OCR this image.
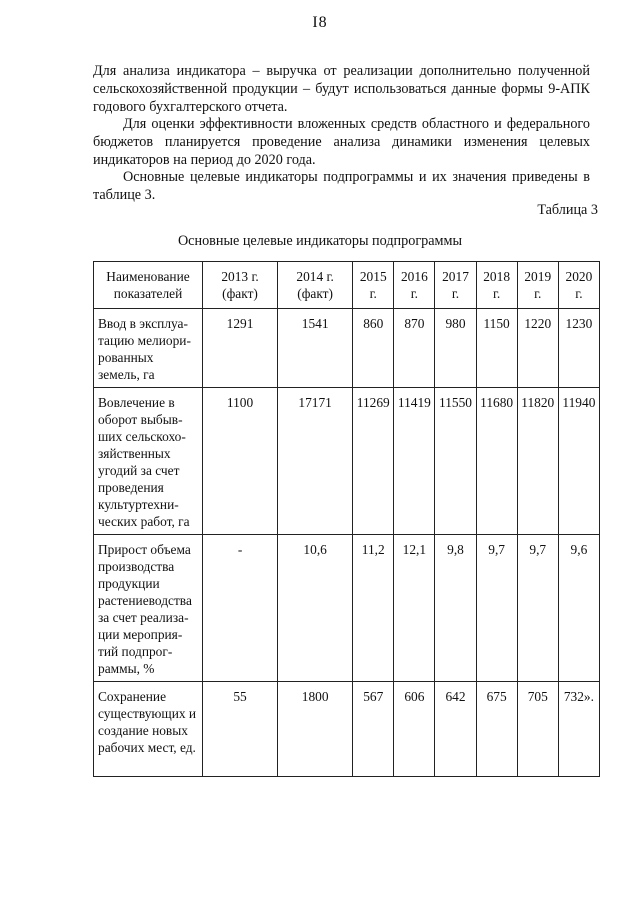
I8

Для анализа индикатора – выручка от реализации дополнительно полученной сельскохозяйственной продукции – будут использоваться данные формы 9-АПК годового бухгалтерского отчета.

Для оценки эффективности вложенных средств областного и федерального бюджетов планируется проведение анализа динамики изменения целевых индикаторов на период до 2020 года.

Основные целевые индикаторы подпрограммы и их значения приведены в таблице 3.

Таблица 3
Основные целевые индикаторы подпрограммы
Наименование показателей	2013 г. (факт)	2014 г. (факт)	2015 г.	2016 г.	2017 г.	2018 г.	2019 г.	2020 г.
Ввод в эксплуа-тацию мелиори-рованных земель, га	1291	1541	860	870	980	1150	1220	1230
Вовлечение в оборот выбыв-ших сельскохо-зяйственных угодий за счет проведения культуртехни-ческих работ, га	1100	17171	11269	11419	11550	11680	11820	11940
Прирост объема производства продукции растениеводства за счет реализа-ции мероприя-тий подпрог-раммы, %	-	10,6	11,2	12,1	9,8	9,7	9,7	9,6
Сохранение существующих и создание новых рабочих мест, ед.	55	1800	567	606	642	675	705	732».
